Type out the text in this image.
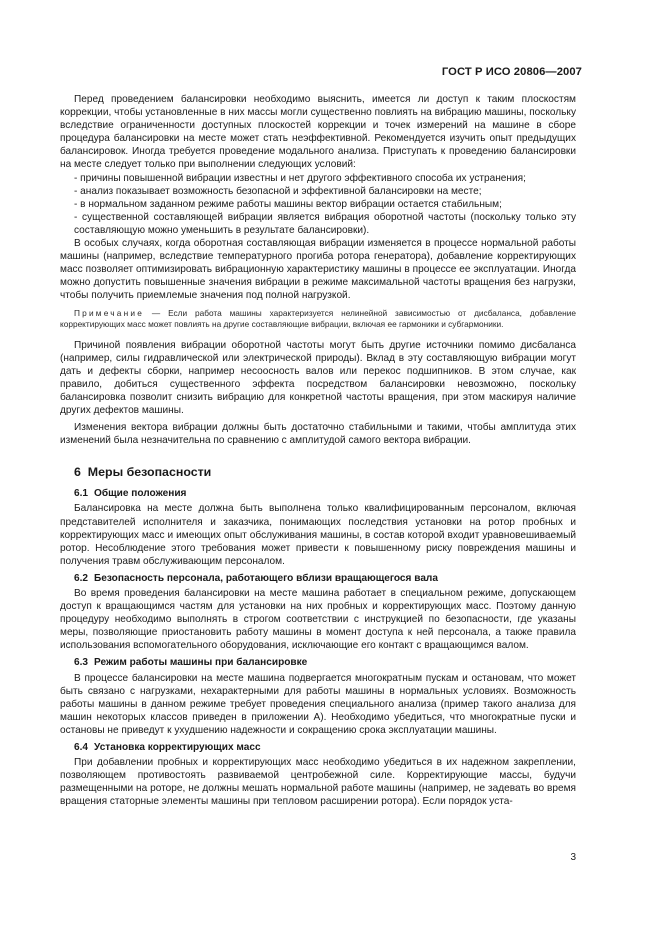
ГОСТ Р ИСО 20806—2007

Перед проведением балансировки необходимо выяснить, имеется ли доступ к таким плоскостям коррекции, чтобы установленные в них массы могли существенно повлиять на вибрацию машины, поскольку вследствие ограниченности доступных плоскостей коррекции и точек измерений на машине в сборе процедура балансировки на месте может стать неэффективной. Рекомендуется изучить опыт предыдущих балансировок. Иногда требуется проведение модального анализа. Приступать к проведению балансировки на месте следует только при выполнении следующих условий:

- причины повышенной вибрации известны и нет другого эффективного способа их устранения;
- анализ показывает возможность безопасной и эффективной балансировки на месте;
- в нормальном заданном режиме работы машины вектор вибрации остается стабильным;
- существенной составляющей вибрации является вибрация оборотной частоты (поскольку только эту составляющую можно уменьшить в результате балансировки).

В особых случаях, когда оборотная составляющая вибрации изменяется в процессе нормальной работы машины (например, вследствие температурного прогиба ротора генератора), добавление корректирующих масс позволяет оптимизировать вибрационную характеристику машины в процессе ее эксплуатации. Иногда можно допустить повышенные значения вибрации в режиме максимальной частоты вращения без нагрузки, чтобы получить приемлемые значения под полной нагрузкой.

Примечание — Если работа машины характеризуется нелинейной зависимостью от дисбаланса, добавление корректирующих масс может повлиять на другие составляющие вибрации, включая ее гармоники и субгармоники.

Причиной появления вибрации оборотной частоты могут быть другие источники помимо дисбаланса (например, силы гидравлической или электрической природы). Вклад в эту составляющую вибрации могут дать и дефекты сборки, например несоосность валов или перекос подшипников. В этом случае, как правило, добиться существенного эффекта посредством балансировки невозможно, поскольку балансировка позволит снизить вибрацию для конкретной частоты вращения, при этом маскируя наличие других дефектов машины.

Изменения вектора вибрации должны быть достаточно стабильными и такими, чтобы амплитуда этих изменений была незначительна по сравнению с амплитудой самого вектора вибрации.

6 Меры безопасности
6.1 Общие положения

Балансировка на месте должна быть выполнена только квалифицированным персоналом, включая представителей исполнителя и заказчика, понимающих последствия установки на ротор пробных и корректирующих масс и имеющих опыт обслуживания машины, в состав которой входит уравновешиваемый ротор. Несоблюдение этого требования может привести к повышенному риску повреждения машины и получения травм обслуживающим персоналом.

6.2 Безопасность персонала, работающего вблизи вращающегося вала

Во время проведения балансировки на месте машина работает в специальном режиме, допускающем доступ к вращающимся частям для установки на них пробных и корректирующих масс. Поэтому данную процедуру необходимо выполнять в строгом соответствии с инструкцией по безопасности, где указаны меры, позволяющие приостановить работу машины в момент доступа к ней персонала, а также правила использования вспомогательного оборудования, исключающие его контакт с вращающимся валом.

6.3 Режим работы машины при балансировке

В процессе балансировки на месте машина подвергается многократным пускам и остановам, что может быть связано с нагрузками, нехарактерными для работы машины в нормальных условиях. Возможность работы машины в данном режиме требует проведения специального анализа (пример такого анализа для машин некоторых классов приведен в приложении А). Необходимо убедиться, что многократные пуски и остановы не приведут к ухудшению надежности и сокращению срока эксплуатации машины.

6.4 Установка корректирующих масс

При добавлении пробных и корректирующих масс необходимо убедиться в их надежном закреплении, позволяющем противостоять развиваемой центробежной силе. Корректирующие массы, будучи размещенными на роторе, не должны мешать нормальной работе машины (например, не задевать во время вращения статорные элементы машины при тепловом расширении ротора). Если порядок уста-

3
